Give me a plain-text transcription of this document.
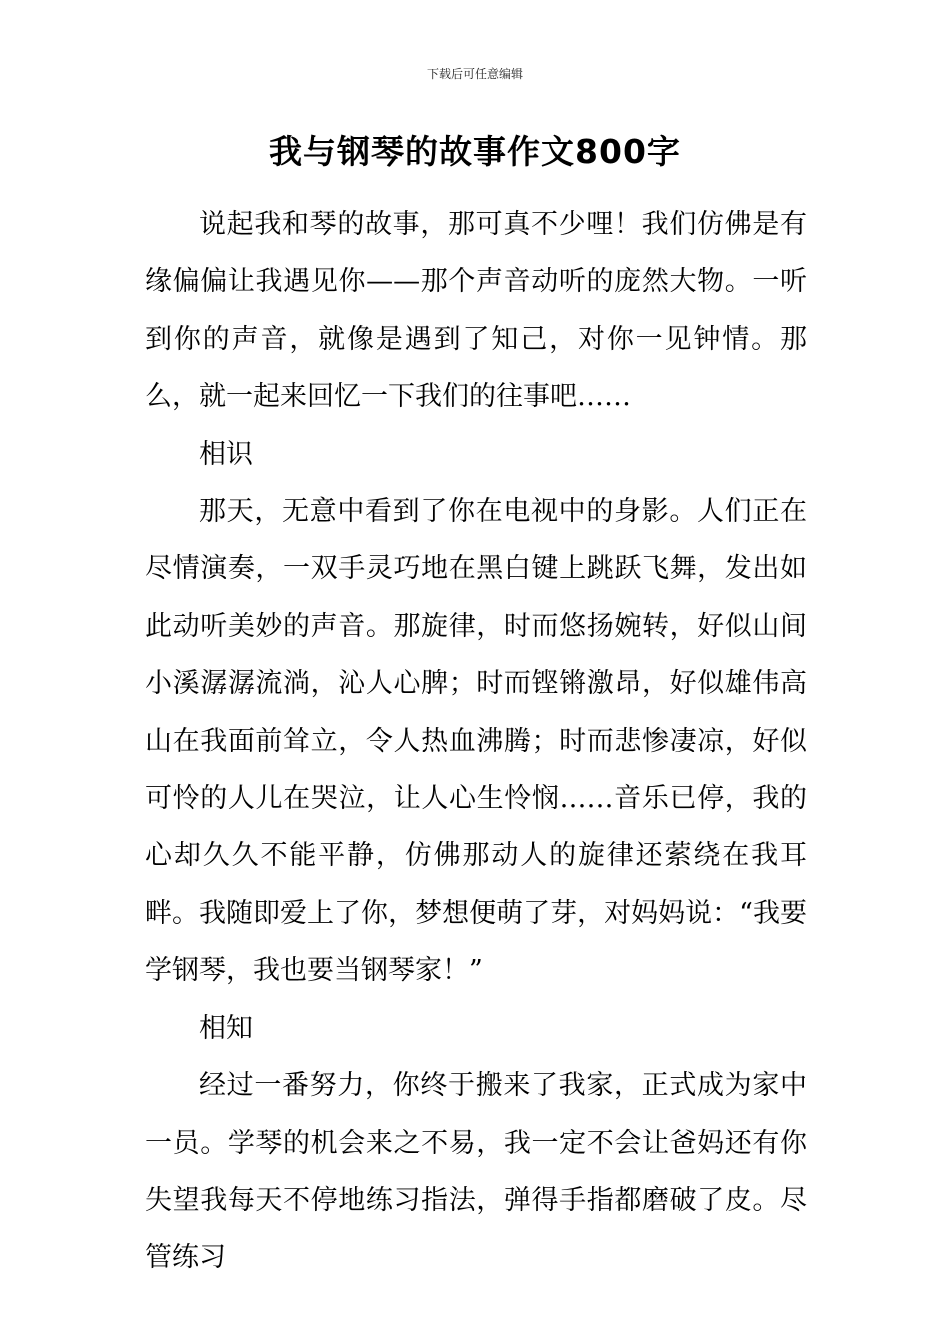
下载后可任意编辑
我与钢琴的故事作文800字

说起我和琴的故事，那可真不少哩！我们仿佛是有缘偏偏让我遇见你——那个声音动听的庞然大物。一听到你的声音，就像是遇到了知己，对你一见钟情。那么，就一起来回忆一下我们的往事吧……

相识

那天，无意中看到了你在电视中的身影。人们正在尽情演奏，一双手灵巧地在黑白键上跳跃飞舞，发出如此动听美妙的声音。那旋律，时而悠扬婉转，好似山间小溪潺潺流淌，沁人心脾；时而铿锵激昂，好似雄伟高山在我面前耸立，令人热血沸腾；时而悲惨凄凉，好似可怜的人儿在哭泣，让人心生怜悯……音乐已停，我的心却久久不能平静，仿佛那动人的旋律还萦绕在我耳畔。我随即爱上了你，梦想便萌了芽，对妈妈说：“我要学钢琴，我也要当钢琴家！”

相知

经过一番努力，你终于搬来了我家，正式成为家中一员。学琴的机会来之不易，我一定不会让爸妈还有你失望我每天不停地练习指法，弹得手指都磨破了皮。尽管练习
